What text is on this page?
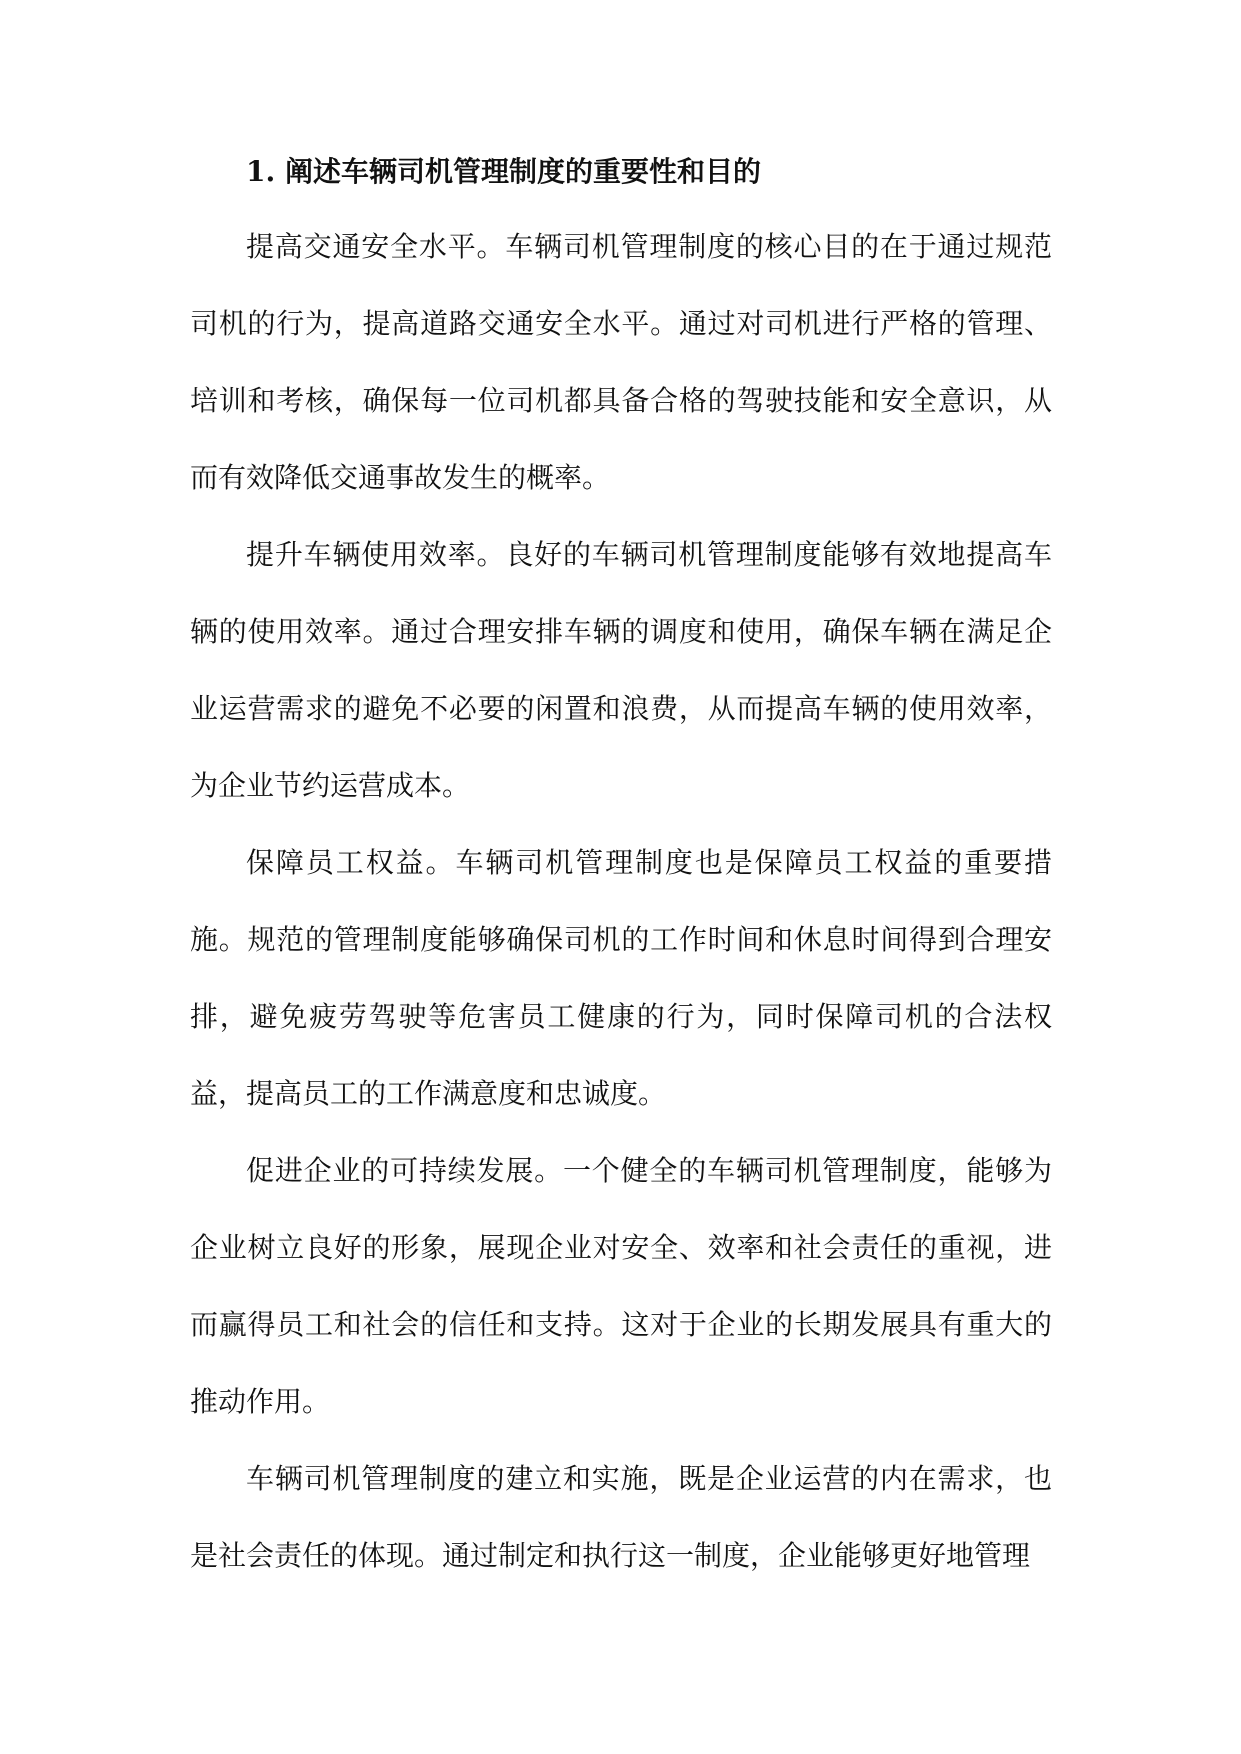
1. 阐述车辆司机管理制度的重要性和目的

提高交通安全水平。车辆司机管理制度的核心目的在于通过规范司机的行为，提高道路交通安全水平。通过对司机进行严格的管理、培训和考核，确保每一位司机都具备合格的驾驶技能和安全意识，从而有效降低交通事故发生的概率。

提升车辆使用效率。良好的车辆司机管理制度能够有效地提高车辆的使用效率。通过合理安排车辆的调度和使用，确保车辆在满足企业运营需求的避免不必要的闲置和浪费，从而提高车辆的使用效率，为企业节约运营成本。

保障员工权益。车辆司机管理制度也是保障员工权益的重要措施。规范的管理制度能够确保司机的工作时间和休息时间得到合理安排，避免疲劳驾驶等危害员工健康的行为，同时保障司机的合法权益，提高员工的工作满意度和忠诚度。

促进企业的可持续发展。一个健全的车辆司机管理制度，能够为企业树立良好的形象，展现企业对安全、效率和社会责任的重视，进而赢得员工和社会的信任和支持。这对于企业的长期发展具有重大的推动作用。

车辆司机管理制度的建立和实施，既是企业运营的内在需求，也是社会责任的体现。通过制定和执行这一制度，企业能够更好地管理
